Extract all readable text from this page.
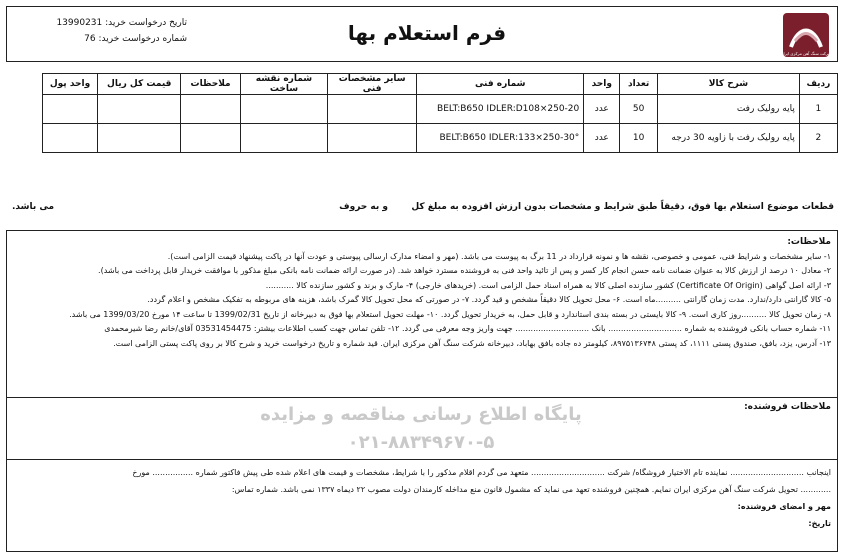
تاریخ درخواست خرید: 13990231
شماره درخواست خرید: 76	فرم استعلام بها
شرکت سنگ آهن مرکزی ایران
ردیف	شرح کالا	تعداد	واحد	شماره فنی	سایر مشخصات فنی	شماره نقشه ساخت	ملاحظات	قیمت کل ریال	واحد پول
1	پایه رولیک رفت	50	عدد	BELT:B650 IDLER:D108×250-20					
2	پایه رولیک رفت با زاویه 30 درجه	10	عدد	BELT:B650 IDLER:133×250-30°					
قطعات موضوع استعلام بها فوق، دقیقاً طبق شرایط و مشخصات بدون ارزش افزوده به مبلغ کل
و به حروف
می باشد.
ملاحظات:

۱- سایر مشخصات و شرایط فنی، عمومی و خصوصی، نقشه ها و نمونه قرارداد در 11 برگ به پیوست می باشد. (مهر و امضاء مدارک ارسالی پیوستی و عودت آنها در پاکت پیشنهاد قیمت الزامی است).

۲- معادل ۱۰ درصد از ارزش کالا به عنوان ضمانت نامه حسن انجام کار کسر و پس از تائید واحد فنی به فروشنده مسترد خواهد شد. (در صورت ارائه ضمانت نامه بانکی مبلغ مذکور با موافقت خریدار قابل پرداخت می باشد).

۳- ارائه اصل گواهی (Certificate Of Origin) کشور سازنده اصلی کالا به همراه اسناد حمل الزامی است. (خریدهای خارجی) ۴- مارک و برند و کشور سازنده کالا ...........

۵- کالا گارانتی دارد/ندارد. مدت زمان گارانتی ..........ماه است. ۶- محل تحویل کالا دقیقاً مشخص و قید گردد. ۷- در صورتی که محل تحویل کالا گمرک باشد، هزینه های مربوطه به تفکیک مشخص و اعلام گردد.

۸- زمان تحویل کالا ..........روز کاری است. ۹- کالا بایستی در بسته بندی استاندارد و قابل حمل، به خریدار تحویل گردد. ۱۰- مهلت تحویل استعلام بها فوق به دبیرخانه از تاریخ 1399/02/31 تا ساعت ۱۴ مورخ 1399/03/20 می باشد.

۱۱- شماره حساب بانکی فروشنده به شماره ............................. بانک ............................. جهت واریز وجه معرفی می گردد. ۱۲- تلفن تماس جهت کسب اطلاعات بیشتر: 03531454475 آقای/خانم رضا شیرمحمدی

۱۳- آدرس، یزد، بافق، صندوق پستی ۱۱۱۱، کد پستی ۸۹۷۵۱۳۶۷۴۸، کیلومتر ده جاده بافق بهاباد، دبیرخانه شرکت سنگ آهن مرکزی ایران. قید شماره و تاریخ درخواست خرید و شرح کالا بر روی پاکت پستی الزامی است.

ملاحظات فروشنده:
پایگاه اطلاع رسانی مناقصه و مزایده
۰۲۱-۸۸۳۴۹۶۷۰-۵

اینجانب ............................. نماینده تام الاختیار فروشگاه/ شرکت ............................. متعهد می گردم اقلام مذکور را با شرایط، مشخصات و قیمت های اعلام شده طی پیش فاکتور شماره ................ مورخ

............ تحویل شرکت سنگ آهن مرکزی ایران نمایم. همچنین فروشنده تعهد می نماید که مشمول قانون منع مداخله کارمندان دولت مصوب ۲۲ دیماه ۱۳۳۷ نمی باشد. شماره تماس:

مهر و امضای فروشنده:

تاریخ:
